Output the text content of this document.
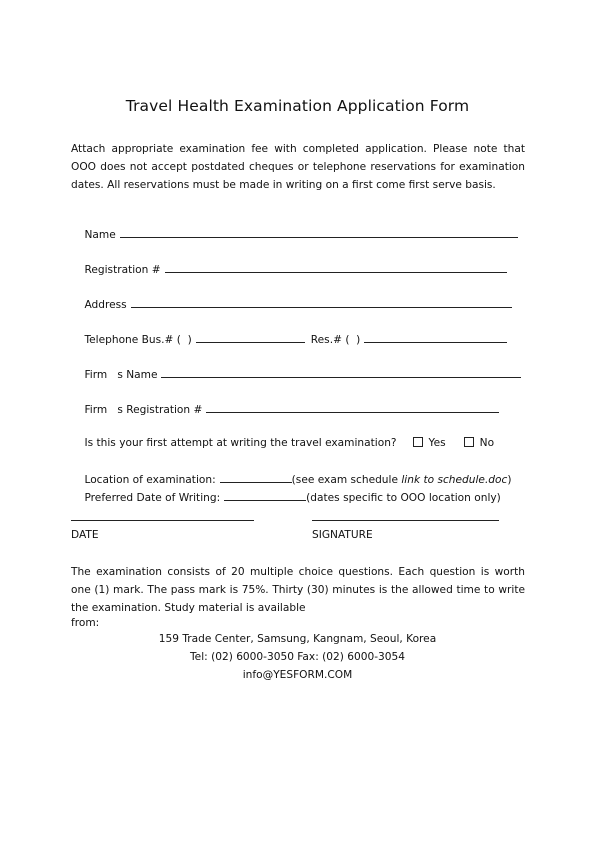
Travel Health Examination Application Form
Attach appropriate examination fee with completed application. Please note that OOO does not accept postdated cheques or telephone reservations for examination dates. All reservations must be made in writing on a first come first serve basis.

Name

Registration #

Address

Telephone Bus.# (  )	Res.# (  )

Firm   s Name

Firm   s Registration #

Is this your first attempt at writing the travel examination?	Yes	No

Location of examination:	(see exam schedule link to schedule.doc)

Preferred Date of Writing:	(dates specific to OOO location only)

DATE	SIGNATURE
The examination consists of 20 multiple choice questions. Each question is worth one (1) mark. The pass mark is 75%. Thirty (30) minutes is the allowed time to write the examination. Study material is available
from:
159 Trade Center, Samsung, Kangnam, Seoul, Korea
Tel: (02) 6000-3050 Fax: (02) 6000-3054
info@YESFORM.COM
